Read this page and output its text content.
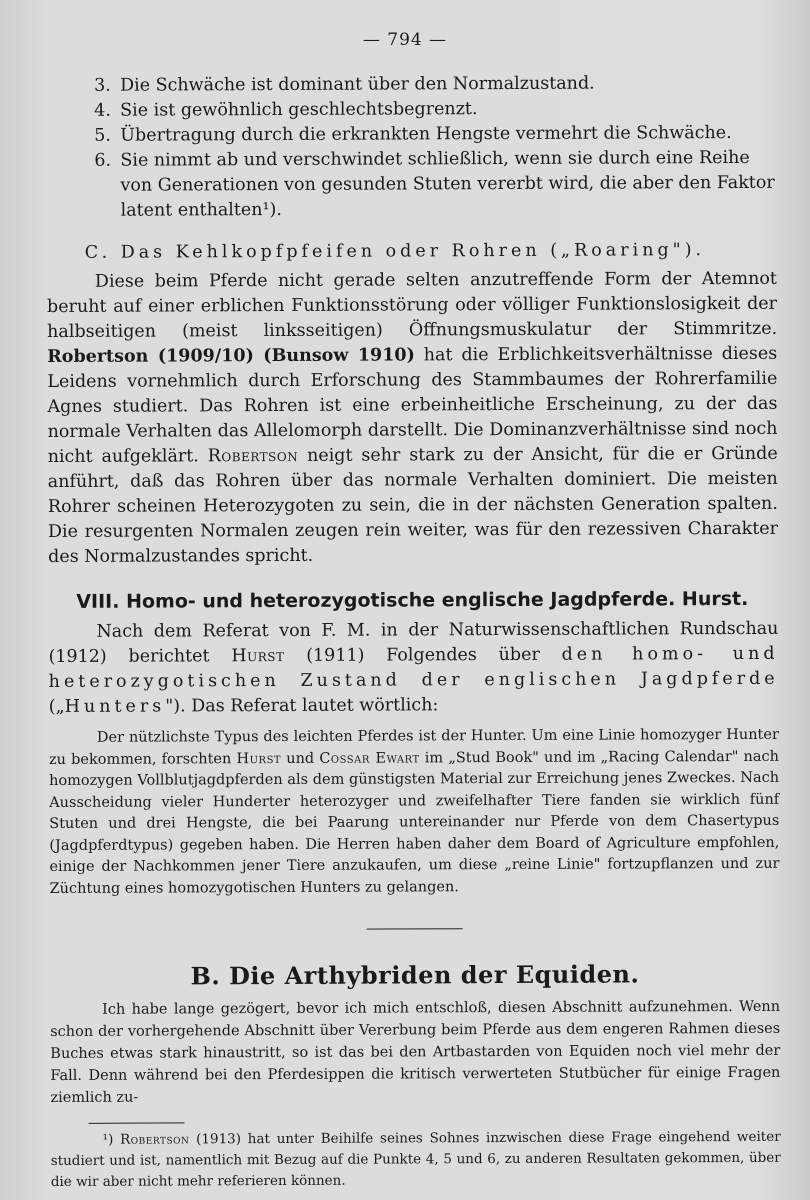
— 794 —
3. Die Schwäche ist dominant über den Normalzustand.
4. Sie ist gewöhnlich geschlechtsbegrenzt.
5. Übertragung durch die erkrankten Hengste vermehrt die Schwäche.
6. Sie nimmt ab und verschwindet schließlich, wenn sie durch eine Reihe von Generationen von gesunden Stuten vererbt wird, die aber den Faktor latent enthalten¹).
C. Das Kehlkopfpfeifen oder Rohren („Roaring").

Diese beim Pferde nicht gerade selten anzutreffende Form der Atemnot beruht auf einer erblichen Funktionsstörung oder völliger Funktionslosigkeit der halbseitigen (meist linksseitigen) Öffnungsmuskulatur der Stimmritze. Robertson (1909/10) (Bunsow 1910) hat die Erblichkeitsverhältnisse dieses Leidens vornehmlich durch Erforschung des Stammbaumes der Rohrerfamilie Agnes studiert. Das Rohren ist eine erbeinheitliche Erscheinung, zu der das normale Verhalten das Allelomorph darstellt. Die Dominanzverhältnisse sind noch nicht aufgeklärt. Robertson neigt sehr stark zu der Ansicht, für die er Gründe anführt, daß das Rohren über das normale Verhalten dominiert. Die meisten Rohrer scheinen Heterozygoten zu sein, die in der nächsten Generation spalten. Die resurgenten Normalen zeugen rein weiter, was für den rezessiven Charakter des Normalzustandes spricht.

VIII. Homo- und heterozygotische englische Jagdpferde. Hurst.

Nach dem Referat von F. M. in der Naturwissenschaftlichen Rundschau (1912) berichtet Hurst (1911) Folgendes über den homo- und heterozygotischen Zustand der englischen Jagdpferde („Hunters"). Das Referat lautet wörtlich:

Der nützlichste Typus des leichten Pferdes ist der Hunter. Um eine Linie homozyger Hunter zu bekommen, forschten Hurst und Cossar Ewart im „Stud Book" und im „Racing Calendar" nach homozygen Vollblutjagdpferden als dem günstigsten Material zur Erreichung jenes Zweckes. Nach Ausscheidung vieler Hunderter heterozyger und zweifelhafter Tiere fanden sie wirklich fünf Stuten und drei Hengste, die bei Paarung untereinander nur Pferde von dem Chasertypus (Jagdpferdtypus) gegeben haben. Die Herren haben daher dem Board of Agriculture empfohlen, einige der Nachkommen jener Tiere anzukaufen, um diese „reine Linie" fortzupflanzen und zur Züchtung eines homozygotischen Hunters zu gelangen.

B. Die Arthybriden der Equiden.

Ich habe lange gezögert, bevor ich mich entschloß, diesen Abschnitt aufzunehmen. Wenn schon der vorhergehende Abschnitt über Vererbung beim Pferde aus dem engeren Rahmen dieses Buches etwas stark hinaustritt, so ist das bei den Artbastarden von Equiden noch viel mehr der Fall. Denn während bei den Pferdesippen die kritisch verwerteten Stutbücher für einige Fragen ziemlich zu-

¹) Robertson (1913) hat unter Beihilfe seines Sohnes inzwischen diese Frage eingehend weiter studiert und ist, namentlich mit Bezug auf die Punkte 4, 5 und 6, zu anderen Resultaten gekommen, über die wir aber nicht mehr referieren können.
